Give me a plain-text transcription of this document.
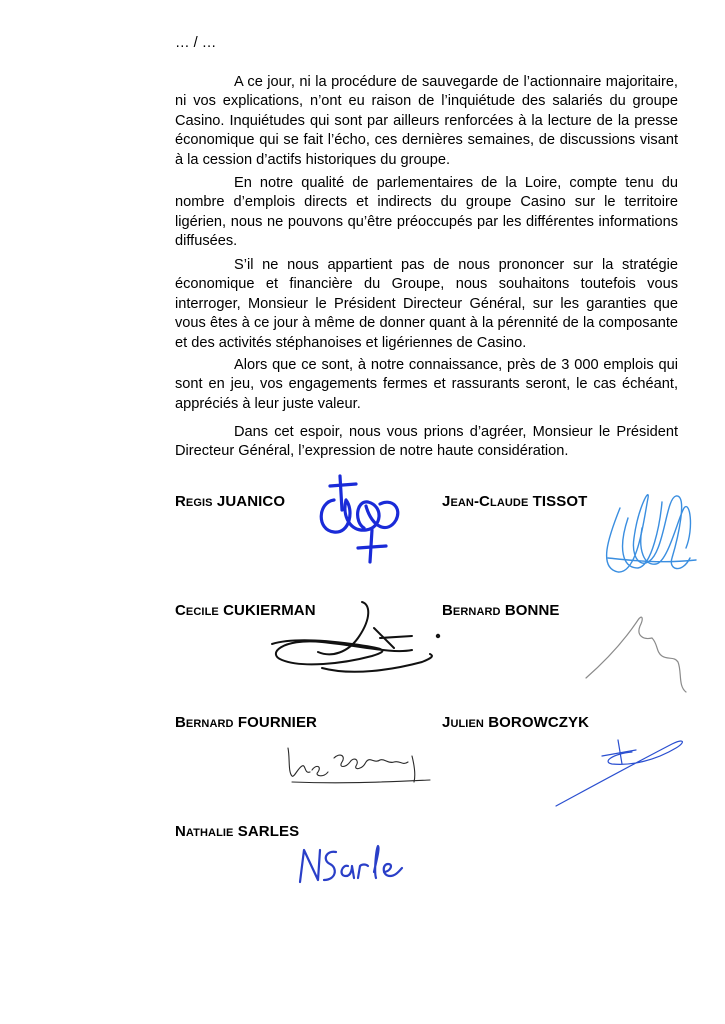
… / …

A ce jour, ni la procédure de sauvegarde de l’actionnaire majoritaire, ni vos explications, n’ont eu raison de l’inquiétude des salariés du groupe Casino. Inquiétudes qui sont par ailleurs renforcées à la lecture de la presse économique qui se fait l’écho, ces dernières semaines, de discussions visant à la cession d’actifs historiques du groupe.

En notre qualité de parlementaires de la Loire, compte tenu du nombre d’emplois directs et indirects du groupe Casino sur le territoire ligérien, nous ne pouvons qu’être préoccupés par les différentes informations diffusées.

S’il ne nous appartient pas de nous prononcer sur la stratégie économique et financière du Groupe, nous souhaitons toutefois vous interroger, Monsieur le Président Directeur Général, sur les garanties que vous êtes à ce jour à même de donner quant à la pérennité de la composante et des activités stéphanoises et ligériennes de Casino.

Alors que ce sont, à notre connaissance, près de 3 000 emplois qui sont en jeu, vos engagements fermes et rassurants seront, le cas échéant, appréciés à leur juste valeur.

Dans cet espoir, nous vous prions d’agréer, Monsieur le Président Directeur Général, l’expression de notre haute considération.

Regis JUANICO	Jean-Claude TISSOT
Cecile CUKIERMAN	Bernard BONNE
Bernard FOURNIER	Julien BOROWCZYK
Nathalie SARLES
